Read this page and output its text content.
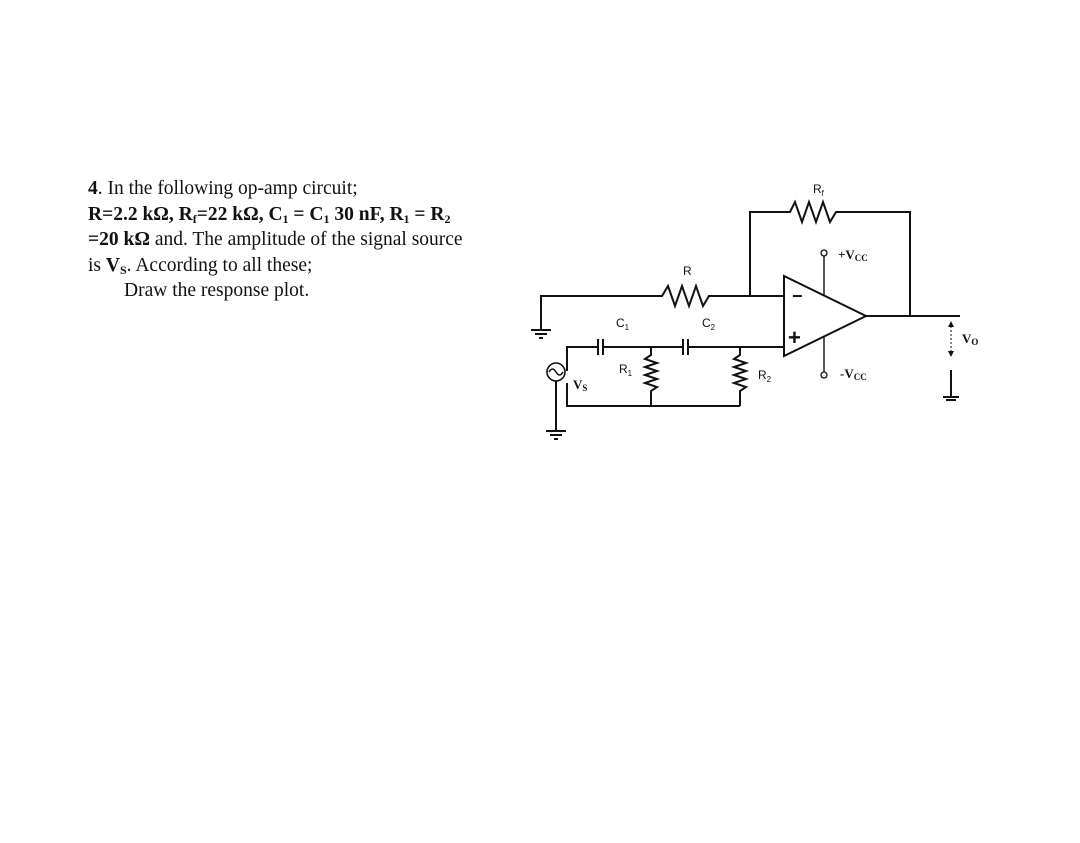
4. In the following op-amp circuit;
R=2.2 kΩ, $R_f=22$ kΩ, $C_1 = C_1$ 30 nF, $R_1 = R_2$
=20 kΩ and. The amplitude of the signal source
is $V_S$. According to all these;
Draw the response plot.
$R_f$
R
−
+
+VCC
-VCC
VO
$C_1$	$C_2$
$R_1$	$R_2$
VS
